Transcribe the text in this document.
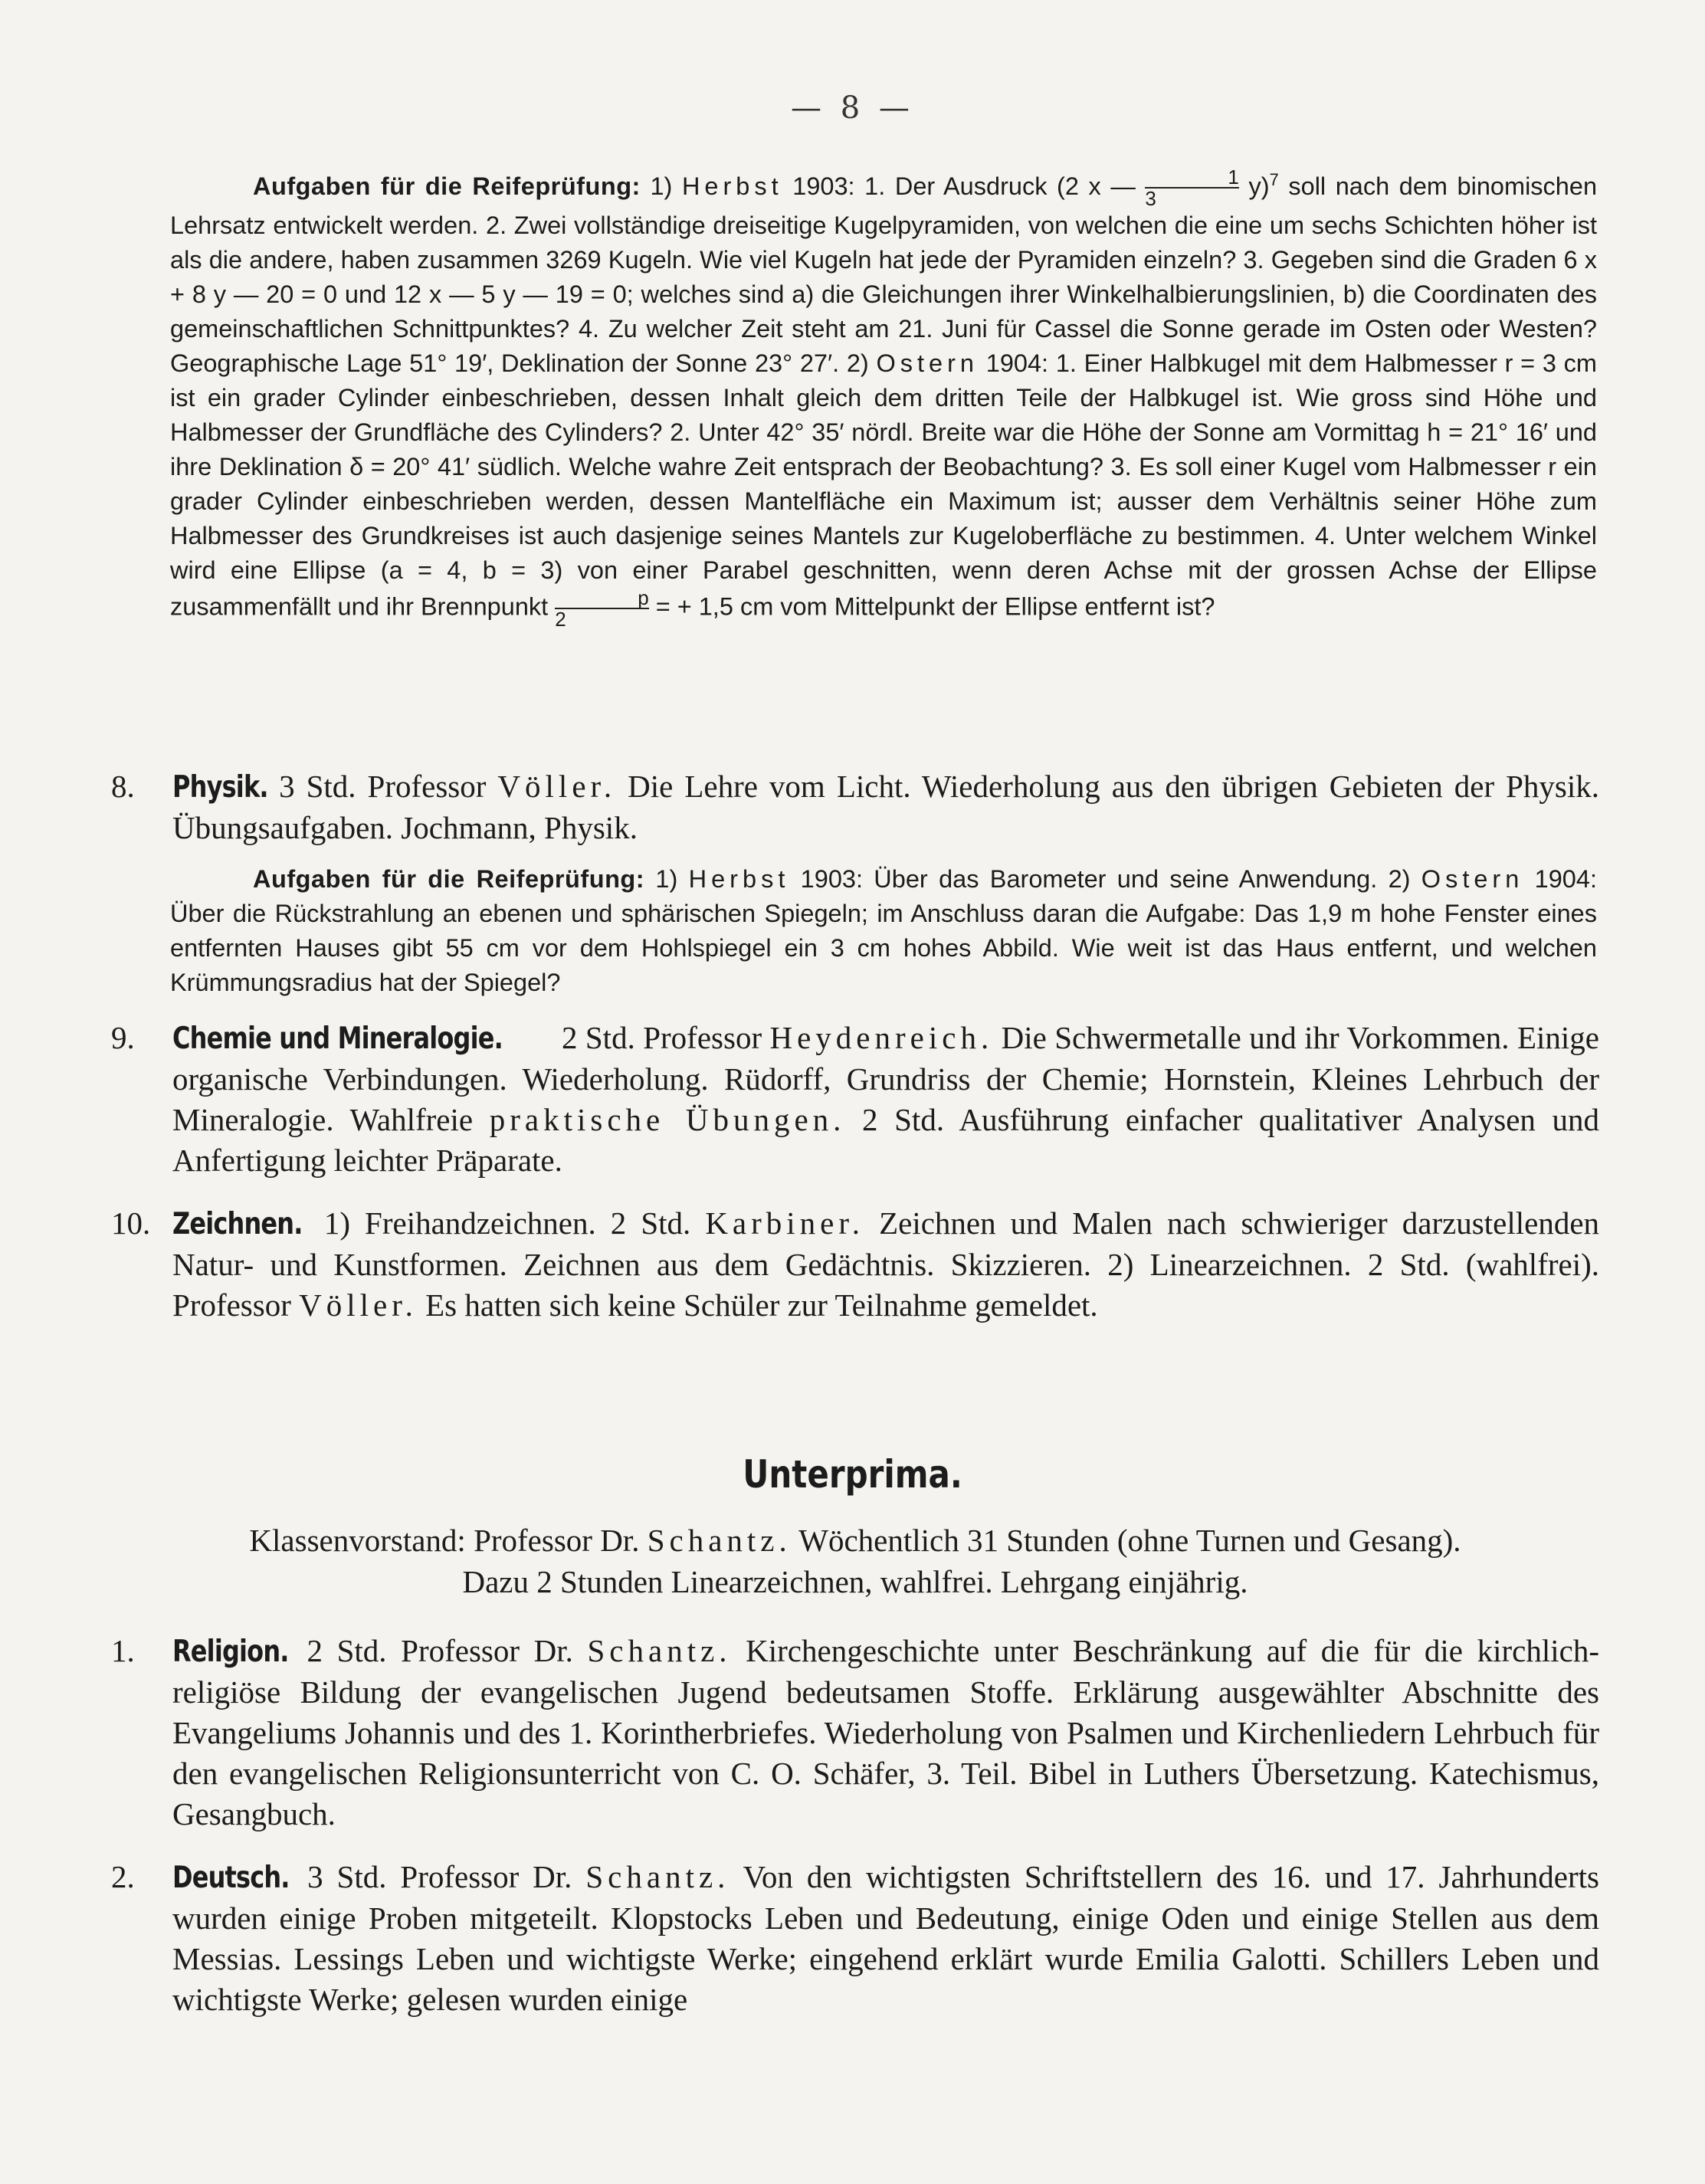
— 8 —

Aufgaben für die Reifeprüfung: 1) Herbst 1903: 1. Der Ausdruck (2 x — $\frac{1}{3} y)^7$ soll nach dem binomischen Lehrsatz entwickelt werden. 2. Zwei vollständige dreiseitige Kugelpyramiden, von welchen die eine um sechs Schichten höher ist als die andere, haben zusammen 3269 Kugeln. Wie viel Kugeln hat jede der Pyramiden einzeln? 3. Gegeben sind die Graden 6 x + 8 y — 20 = 0 und 12 x — 5 y — 19 = 0; welches sind a) die Gleichungen ihrer Winkelhalbierungslinien, b) die Coordinaten des gemeinschaftlichen Schnittpunktes? 4. Zu welcher Zeit steht am 21. Juni für Cassel die Sonne gerade im Osten oder Westen? Geographische Lage 51° 19′, Deklination der Sonne 23° 27′. 2) Ostern 1904: 1. Einer Halbkugel mit dem Halbmesser r = 3 cm ist ein grader Cylinder einbeschrieben, dessen Inhalt gleich dem dritten Teile der Halbkugel ist. Wie gross sind Höhe und Halbmesser der Grundfläche des Cylinders? 2. Unter 42° 35′ nördl. Breite war die Höhe der Sonne am Vormittag h = 21° 16′ und ihre Deklination δ = 20° 41′ südlich. Welche wahre Zeit entsprach der Beobachtung? 3. Es soll einer Kugel vom Halbmesser r ein grader Cylinder einbeschrieben werden, dessen Mantelfläche ein Maximum ist; ausser dem Verhältnis seiner Höhe zum Halbmesser des Grundkreises ist auch dasjenige seines Mantels zur Kugeloberfläche zu bestimmen. 4. Unter welchem Winkel wird eine Ellipse (a = 4, b = 3) von einer Parabel geschnitten, wenn deren Achse mit der grossen Achse der Ellipse zusammenfällt und ihr Brennpunkt $\frac{p}{2}$ = + 1,5 cm vom Mittelpunkt der Ellipse entfernt ist?

8. Physik. 3 Std. Professor Völler. Die Lehre vom Licht. Wiederholung aus den übrigen Gebieten der Physik. Übungsaufgaben. Jochmann, Physik.

Aufgaben für die Reifeprüfung: 1) Herbst 1903: Über das Barometer und seine Anwendung. 2) Ostern 1904: Über die Rückstrahlung an ebenen und sphärischen Spiegeln; im Anschluss daran die Aufgabe: Das 1,9 m hohe Fenster eines entfernten Hauses gibt 55 cm vor dem Hohlspiegel ein 3 cm hohes Abbild. Wie weit ist das Haus entfernt, und welchen Krümmungsradius hat der Spiegel?

9. Chemie und Mineralogie. 2 Std. Professor Heydenreich. Die Schwermetalle und ihr Vorkommen. Einige organische Verbindungen. Wiederholung. Rüdorff, Grundriss der Chemie; Hornstein, Kleines Lehrbuch der Mineralogie. Wahlfreie praktische Übungen. 2 Std. Ausführung einfacher qualitativer Analysen und Anfertigung leichter Präparate.
10. Zeichnen. 1) Freihandzeichnen. 2 Std. Karbiner. Zeichnen und Malen nach schwieriger darzustellenden Natur- und Kunstformen. Zeichnen aus dem Gedächtnis. Skizzieren. 2) Linearzeichnen. 2 Std. (wahlfrei). Professor Völler. Es hatten sich keine Schüler zur Teilnahme gemeldet.
Unterprima.
Klassenvorstand: Professor Dr. Schantz. Wöchentlich 31 Stunden (ohne Turnen und Gesang).
Dazu 2 Stunden Linearzeichnen, wahlfrei. Lehrgang einjährig.
1. Religion. 2 Std. Professor Dr. Schantz. Kirchengeschichte unter Beschränkung auf die für die kirchlich-religiöse Bildung der evangelischen Jugend bedeutsamen Stoffe. Erklärung ausgewählter Abschnitte des Evangeliums Johannis und des 1. Korintherbriefes. Wiederholung von Psalmen und Kirchenliedern Lehrbuch für den evangelischen Religionsunterricht von C. O. Schäfer, 3. Teil. Bibel in Luthers Übersetzung. Katechismus, Gesangbuch.
2. Deutsch. 3 Std. Professor Dr. Schantz. Von den wichtigsten Schriftstellern des 16. und 17. Jahrhunderts wurden einige Proben mitgeteilt. Klopstocks Leben und Bedeutung, einige Oden und einige Stellen aus dem Messias. Lessings Leben und wichtigste Werke; eingehend erklärt wurde Emilia Galotti. Schillers Leben und wichtigste Werke; gelesen wurden einige
